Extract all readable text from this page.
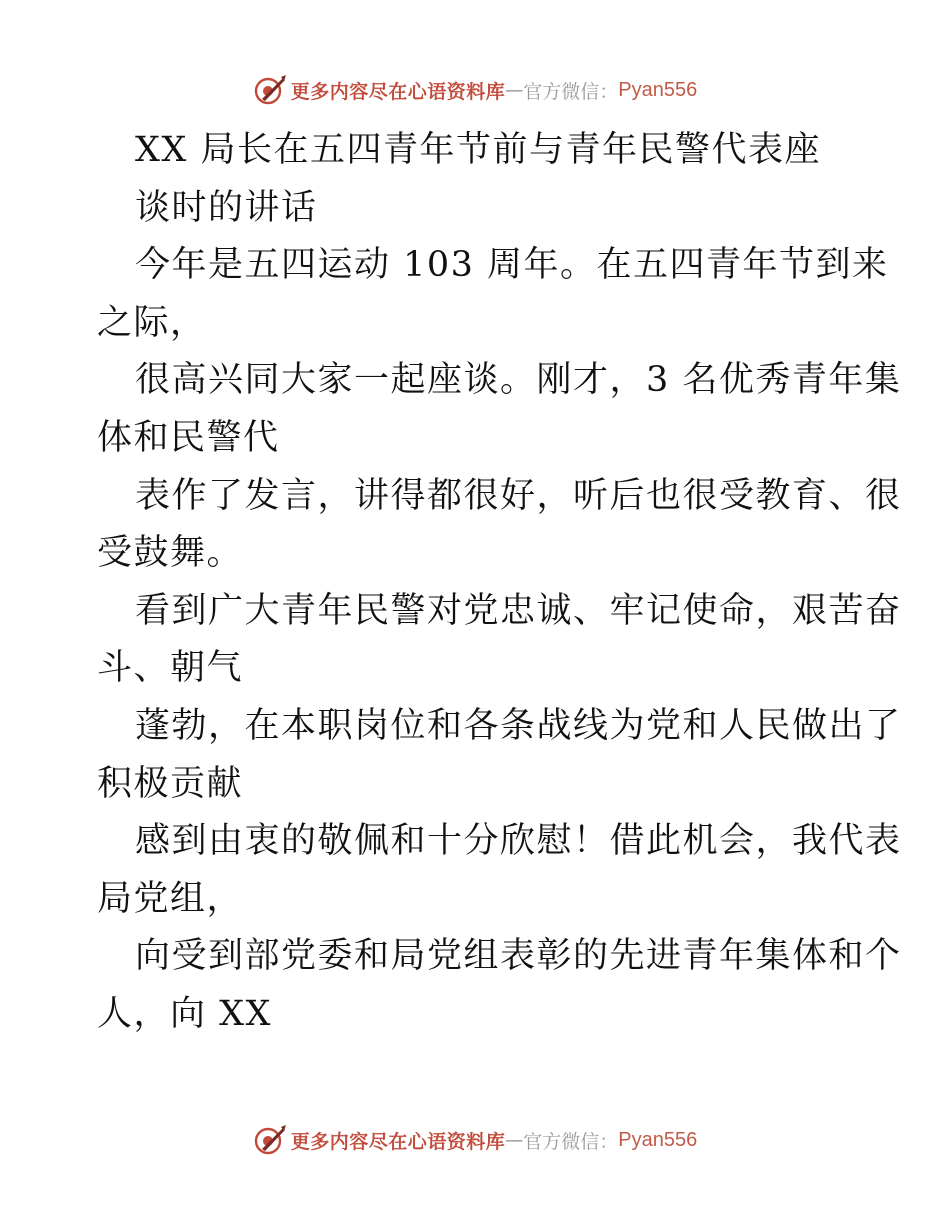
更多内容尽在心语资料库 — 官方微信： Pyan556
XX 局长在五四青年节前与青年民警代表座
谈时的讲话
今年是五四运动 103 周年。在五四青年节到来
之际，
很高兴同大家一起座谈。刚才，3 名优秀青年集
体和民警代
表作了发言，讲得都很好，听后也很受教育、很
受鼓舞。
看到广大青年民警对党忠诚、牢记使命，艰苦奋
斗、朝气
蓬勃，在本职岗位和各条战线为党和人民做出了
积极贡献
感到由衷的敬佩和十分欣慰！借此机会，我代表
局党组，
向受到部党委和局党组表彰的先进青年集体和个
人，向 XX
更多内容尽在心语资料库 — 官方微信： Pyan556
